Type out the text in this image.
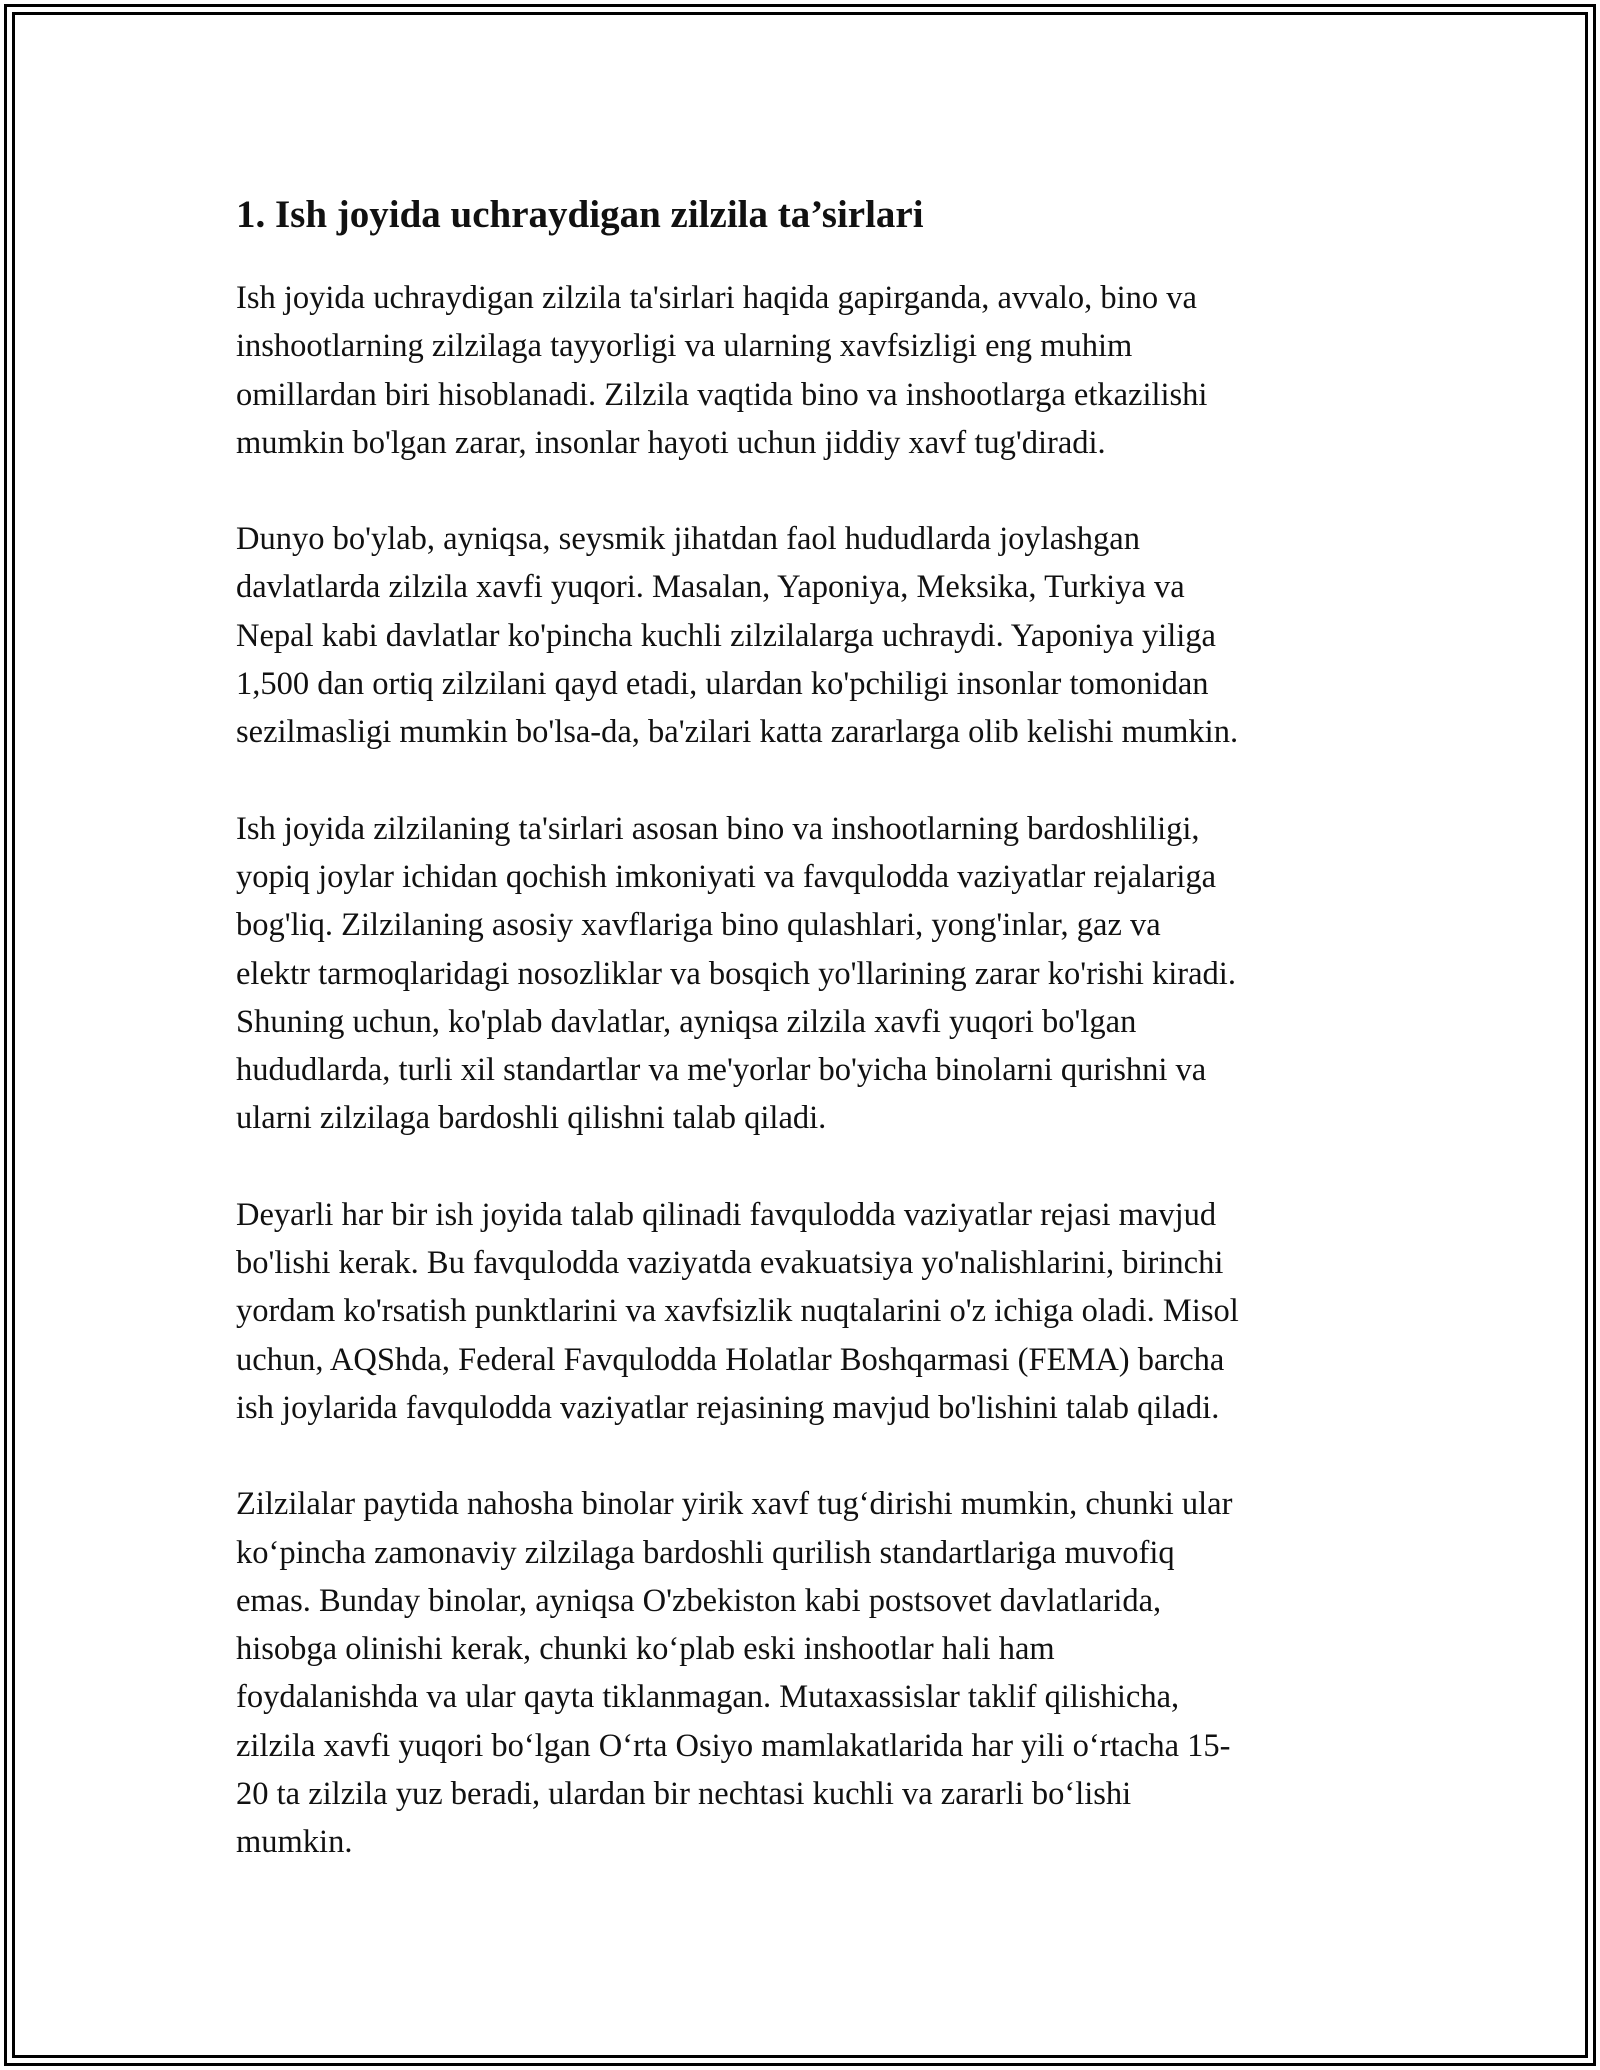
1. Ish joyida uchraydigan zilzila ta’sirlari

Ish joyida uchraydigan zilzila ta'sirlari haqida gapirganda, avvalo, bino va
inshootlarning zilzilaga tayyorligi va ularning xavfsizligi eng muhim
omillardan biri hisoblanadi. Zilzila vaqtida bino va inshootlarga etkazilishi
mumkin bo'lgan zarar, insonlar hayoti uchun jiddiy xavf tug'diradi.

Dunyo bo'ylab, ayniqsa, seysmik jihatdan faol hududlarda joylashgan
davlatlarda zilzila xavfi yuqori. Masalan, Yaponiya, Meksika, Turkiya va
Nepal kabi davlatlar ko'pincha kuchli zilzilalarga uchraydi. Yaponiya yiliga
1,500 dan ortiq zilzilani qayd etadi, ulardan ko'pchiligi insonlar tomonidan
sezilmasligi mumkin bo'lsa-da, ba'zilari katta zararlarga olib kelishi mumkin.

Ish joyida zilzilaning ta'sirlari asosan bino va inshootlarning bardoshliligi,
yopiq joylar ichidan qochish imkoniyati va favqulodda vaziyatlar rejalariga
bog'liq. Zilzilaning asosiy xavflariga bino qulashlari, yong'inlar, gaz va
elektr tarmoqlaridagi nosozliklar va bosqich yo'llarining zarar ko'rishi kiradi.
Shuning uchun, ko'plab davlatlar, ayniqsa zilzila xavfi yuqori bo'lgan
hududlarda, turli xil standartlar va me'yorlar bo'yicha binolarni qurishni va
ularni zilzilaga bardoshli qilishni talab qiladi.

Deyarli har bir ish joyida talab qilinadi favqulodda vaziyatlar rejasi mavjud
bo'lishi kerak. Bu favqulodda vaziyatda evakuatsiya yo'nalishlarini, birinchi
yordam ko'rsatish punktlarini va xavfsizlik nuqtalarini o'z ichiga oladi. Misol
uchun, AQShda, Federal Favqulodda Holatlar Boshqarmasi (FEMA) barcha
ish joylarida favqulodda vaziyatlar rejasining mavjud bo'lishini talab qiladi.

Zilzilalar paytida nahosha binolar yirik xavf tug‘dirishi mumkin, chunki ular
ko‘pincha zamonaviy zilzilaga bardoshli qurilish standartlariga muvofiq
emas. Bunday binolar, ayniqsa O'zbekiston kabi postsovet davlatlarida,
hisobga olinishi kerak, chunki ko‘plab eski inshootlar hali ham
foydalanishda va ular qayta tiklanmagan. Mutaxassislar taklif qilishicha,
zilzila xavfi yuqori bo‘lgan O‘rta Osiyo mamlakatlarida har yili o‘rtacha 15-
20 ta zilzila yuz beradi, ulardan bir nechtasi kuchli va zararli bo‘lishi
mumkin.
